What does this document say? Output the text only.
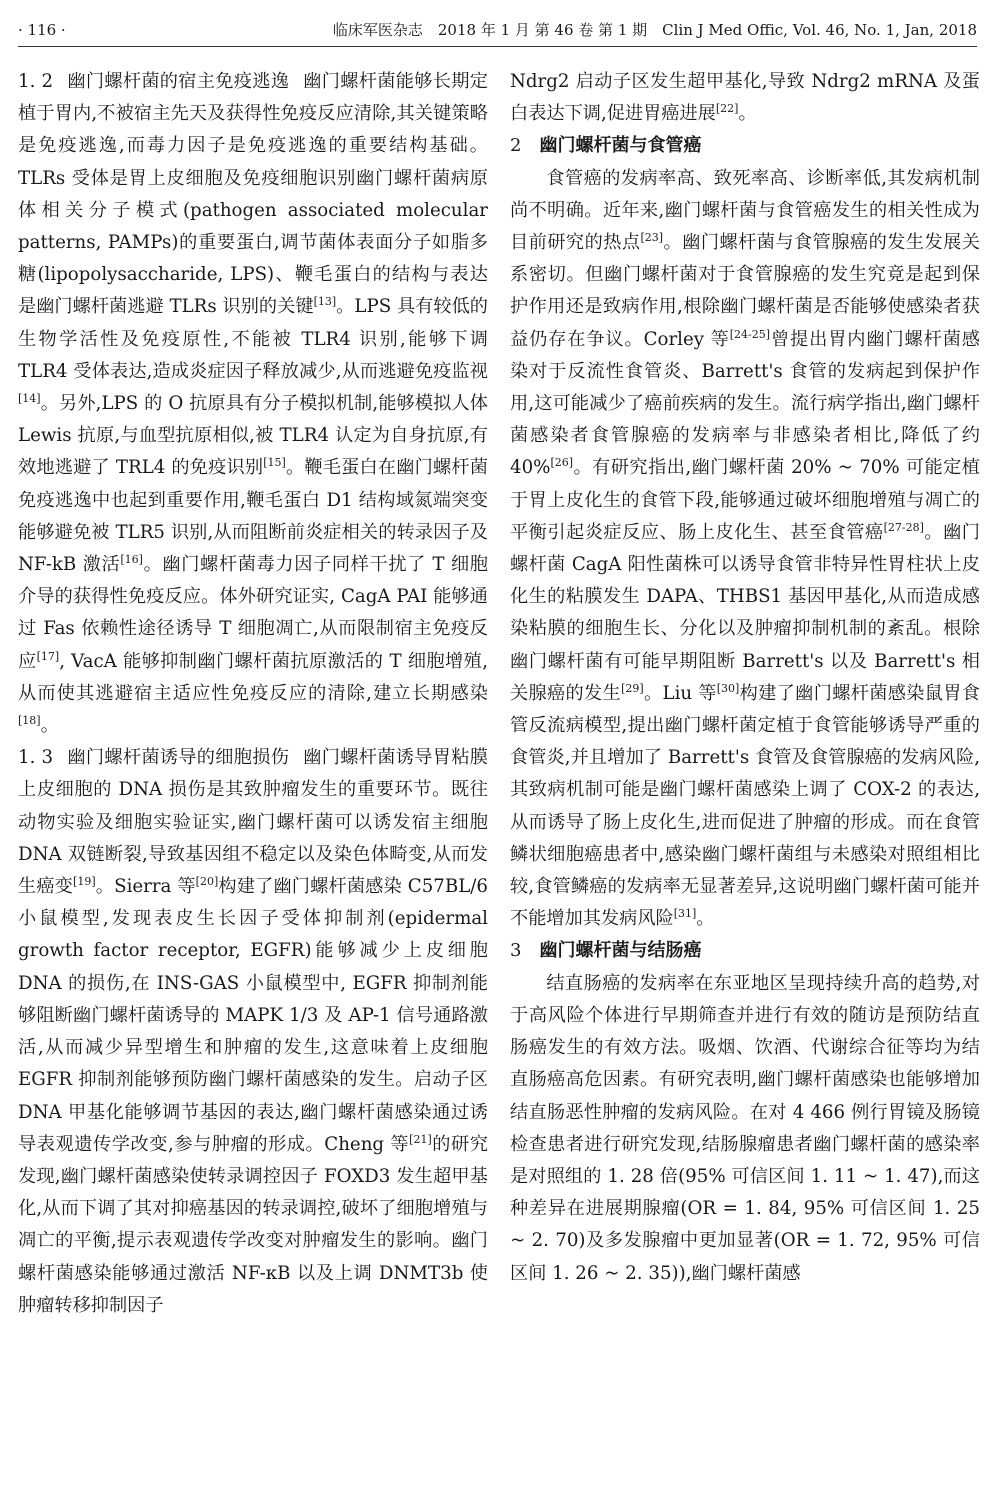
· 116 ·	临床军医杂志　2018 年 1 月 第 46 卷 第 1 期　Clin J Med Offic, Vol. 46, No. 1, Jan, 2018

1. 2 幽门螺杆菌的宿主免疫逃逸 幽门螺杆菌能够长期定植于胃内,不被宿主先天及获得性免疫反应清除,其关键策略是免疫逃逸,而毒力因子是免疫逃逸的重要结构基础。TLRs 受体是胃上皮细胞及免疫细胞识别幽门螺杆菌病原体相关分子模式(pathogen associated molecular patterns, PAMPs)的重要蛋白,调节菌体表面分子如脂多糖(lipopolysaccharide, LPS)、鞭毛蛋白的结构与表达是幽门螺杆菌逃避 TLRs 识别的关键[13]。LPS 具有较低的生物学活性及免疫原性,不能被 TLR4 识别,能够下调 TLR4 受体表达,造成炎症因子释放减少,从而逃避免疫监视[14]。另外,LPS 的 O 抗原具有分子模拟机制,能够模拟人体 Lewis 抗原,与血型抗原相似,被 TLR4 认定为自身抗原,有效地逃避了 TRL4 的免疫识别[15]。鞭毛蛋白在幽门螺杆菌免疫逃逸中也起到重要作用,鞭毛蛋白 D1 结构域氮端突变能够避免被 TLR5 识别,从而阻断前炎症相关的转录因子及 NF-kB 激活[16]。幽门螺杆菌毒力因子同样干扰了 T 细胞介导的获得性免疫反应。体外研究证实, CagA PAI 能够通过 Fas 依赖性途径诱导 T 细胞凋亡,从而限制宿主免疫反应[17], VacA 能够抑制幽门螺杆菌抗原激活的 T 细胞增殖,从而使其逃避宿主适应性免疫反应的清除,建立长期感染[18]。

1. 3 幽门螺杆菌诱导的细胞损伤 幽门螺杆菌诱导胃粘膜上皮细胞的 DNA 损伤是其致肿瘤发生的重要环节。既往动物实验及细胞实验证实,幽门螺杆菌可以诱发宿主细胞 DNA 双链断裂,导致基因组不稳定以及染色体畸变,从而发生癌变[19]。Sierra 等[20]构建了幽门螺杆菌感染 C57BL/6 小鼠模型,发现表皮生长因子受体抑制剂(epidermal growth factor receptor, EGFR)能够减少上皮细胞 DNA 的损伤,在 INS-GAS 小鼠模型中, EGFR 抑制剂能够阻断幽门螺杆菌诱导的 MAPK 1/3 及 AP-1 信号通路激活,从而减少异型增生和肿瘤的发生,这意味着上皮细胞 EGFR 抑制剂能够预防幽门螺杆菌感染的发生。启动子区 DNA 甲基化能够调节基因的表达,幽门螺杆菌感染通过诱导表观遗传学改变,参与肿瘤的形成。Cheng 等[21]的研究发现,幽门螺杆菌感染使转录调控因子 FOXD3 发生超甲基化,从而下调了其对抑癌基因的转录调控,破坏了细胞增殖与凋亡的平衡,提示表观遗传学改变对肿瘤发生的影响。幽门螺杆菌感染能够通过激活 NF-κB 以及上调 DNMT3b 使肿瘤转移抑制因子

Ndrg2 启动子区发生超甲基化,导致 Ndrg2 mRNA 及蛋白表达下调,促进胃癌进展[22]。

2 幽门螺杆菌与食管癌

食管癌的发病率高、致死率高、诊断率低,其发病机制尚不明确。近年来,幽门螺杆菌与食管癌发生的相关性成为目前研究的热点[23]。幽门螺杆菌与食管腺癌的发生发展关系密切。但幽门螺杆菌对于食管腺癌的发生究竟是起到保护作用还是致病作用,根除幽门螺杆菌是否能够使感染者获益仍存在争议。Corley 等[24-25]曾提出胃内幽门螺杆菌感染对于反流性食管炎、Barrett's 食管的发病起到保护作用,这可能减少了癌前疾病的发生。流行病学指出,幽门螺杆菌感染者食管腺癌的发病率与非感染者相比,降低了约 40%[26]。有研究指出,幽门螺杆菌 20% ~ 70% 可能定植于胃上皮化生的食管下段,能够通过破坏细胞增殖与凋亡的平衡引起炎症反应、肠上皮化生、甚至食管癌[27-28]。幽门螺杆菌 CagA 阳性菌株可以诱导食管非特异性胃柱状上皮化生的粘膜发生 DAPA、THBS1 基因甲基化,从而造成感染粘膜的细胞生长、分化以及肿瘤抑制机制的紊乱。根除幽门螺杆菌有可能早期阻断 Barrett's 以及 Barrett's 相关腺癌的发生[29]。Liu 等[30]构建了幽门螺杆菌感染鼠胃食管反流病模型,提出幽门螺杆菌定植于食管能够诱导严重的食管炎,并且增加了 Barrett's 食管及食管腺癌的发病风险,其致病机制可能是幽门螺杆菌感染上调了 COX-2 的表达,从而诱导了肠上皮化生,进而促进了肿瘤的形成。而在食管鳞状细胞癌患者中,感染幽门螺杆菌组与未感染对照组相比较,食管鳞癌的发病率无显著差异,这说明幽门螺杆菌可能并不能增加其发病风险[31]。

3 幽门螺杆菌与结肠癌

结直肠癌的发病率在东亚地区呈现持续升高的趋势,对于高风险个体进行早期筛查并进行有效的随访是预防结直肠癌发生的有效方法。吸烟、饮酒、代谢综合征等均为结直肠癌高危因素。有研究表明,幽门螺杆菌感染也能够增加结直肠恶性肿瘤的发病风险。在对 4 466 例行胃镜及肠镜检查患者进行研究发现,结肠腺瘤患者幽门螺杆菌的感染率是对照组的 1. 28 倍(95% 可信区间 1. 11 ~ 1. 47),而这种差异在进展期腺瘤(OR = 1. 84, 95% 可信区间 1. 25 ~ 2. 70)及多发腺瘤中更加显著(OR = 1. 72, 95% 可信区间 1. 26 ~ 2. 35)),幽门螺杆菌感
